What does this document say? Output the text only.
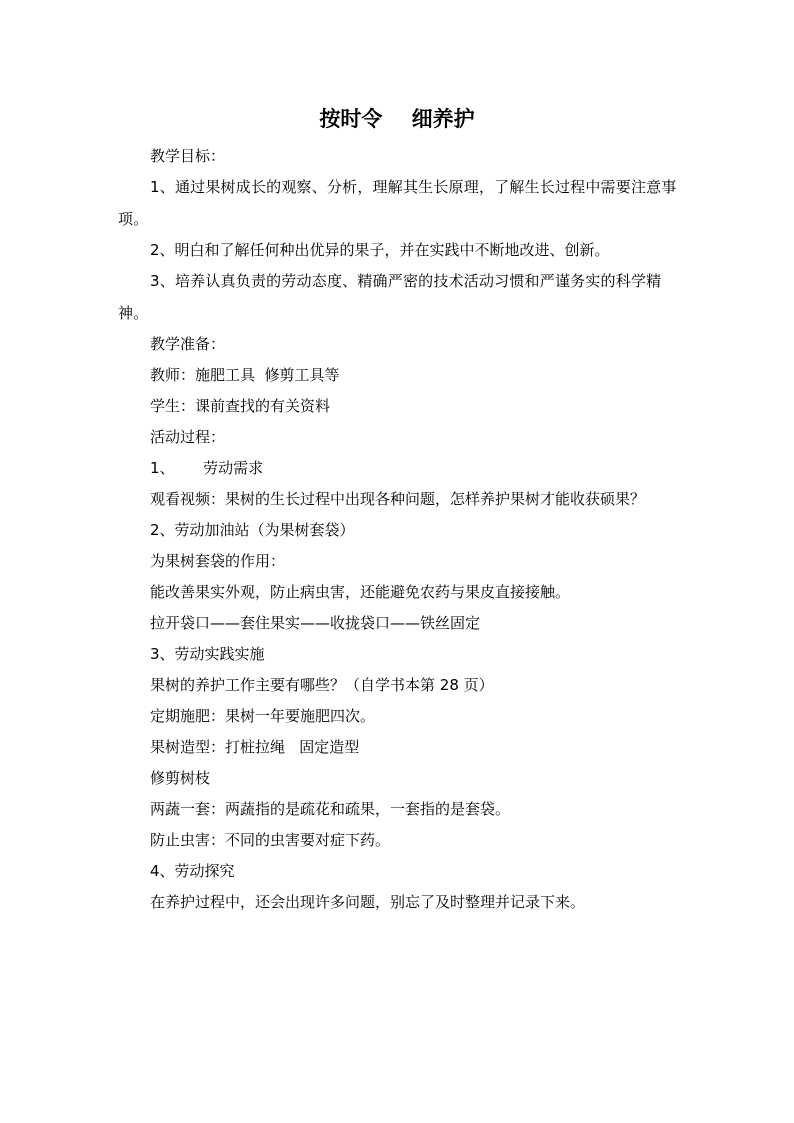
按时令    细养护

教学目标：

1、通过果树成长的观察、分析，理解其生长原理，了解生长过程中需要注意事项。

2、明白和了解任何种出优异的果子，并在实践中不断地改进、创新。

3、培养认真负责的劳动态度、精确严密的技术活动习惯和严谨务实的科学精神。

教学准备：

教师：施肥工具  修剪工具等

学生：课前查找的有关资料

活动过程：

1、      劳动需求

观看视频：果树的生长过程中出现各种问题，怎样养护果树才能收获硕果？

2、劳动加油站（为果树套袋）

为果树套袋的作用：

能改善果实外观，防止病虫害，还能避免农药与果皮直接接触。

拉开袋口——套住果实——收拢袋口——铁丝固定

3、劳动实践实施

果树的养护工作主要有哪些？（自学书本第 28 页）

定期施肥：果树一年要施肥四次。

果树造型：打桩拉绳   固定造型

修剪树枝

两蔬一套：两蔬指的是疏花和疏果，一套指的是套袋。

防止虫害：不同的虫害要对症下药。

4、劳动探究

在养护过程中，还会出现许多问题，别忘了及时整理并记录下来。
